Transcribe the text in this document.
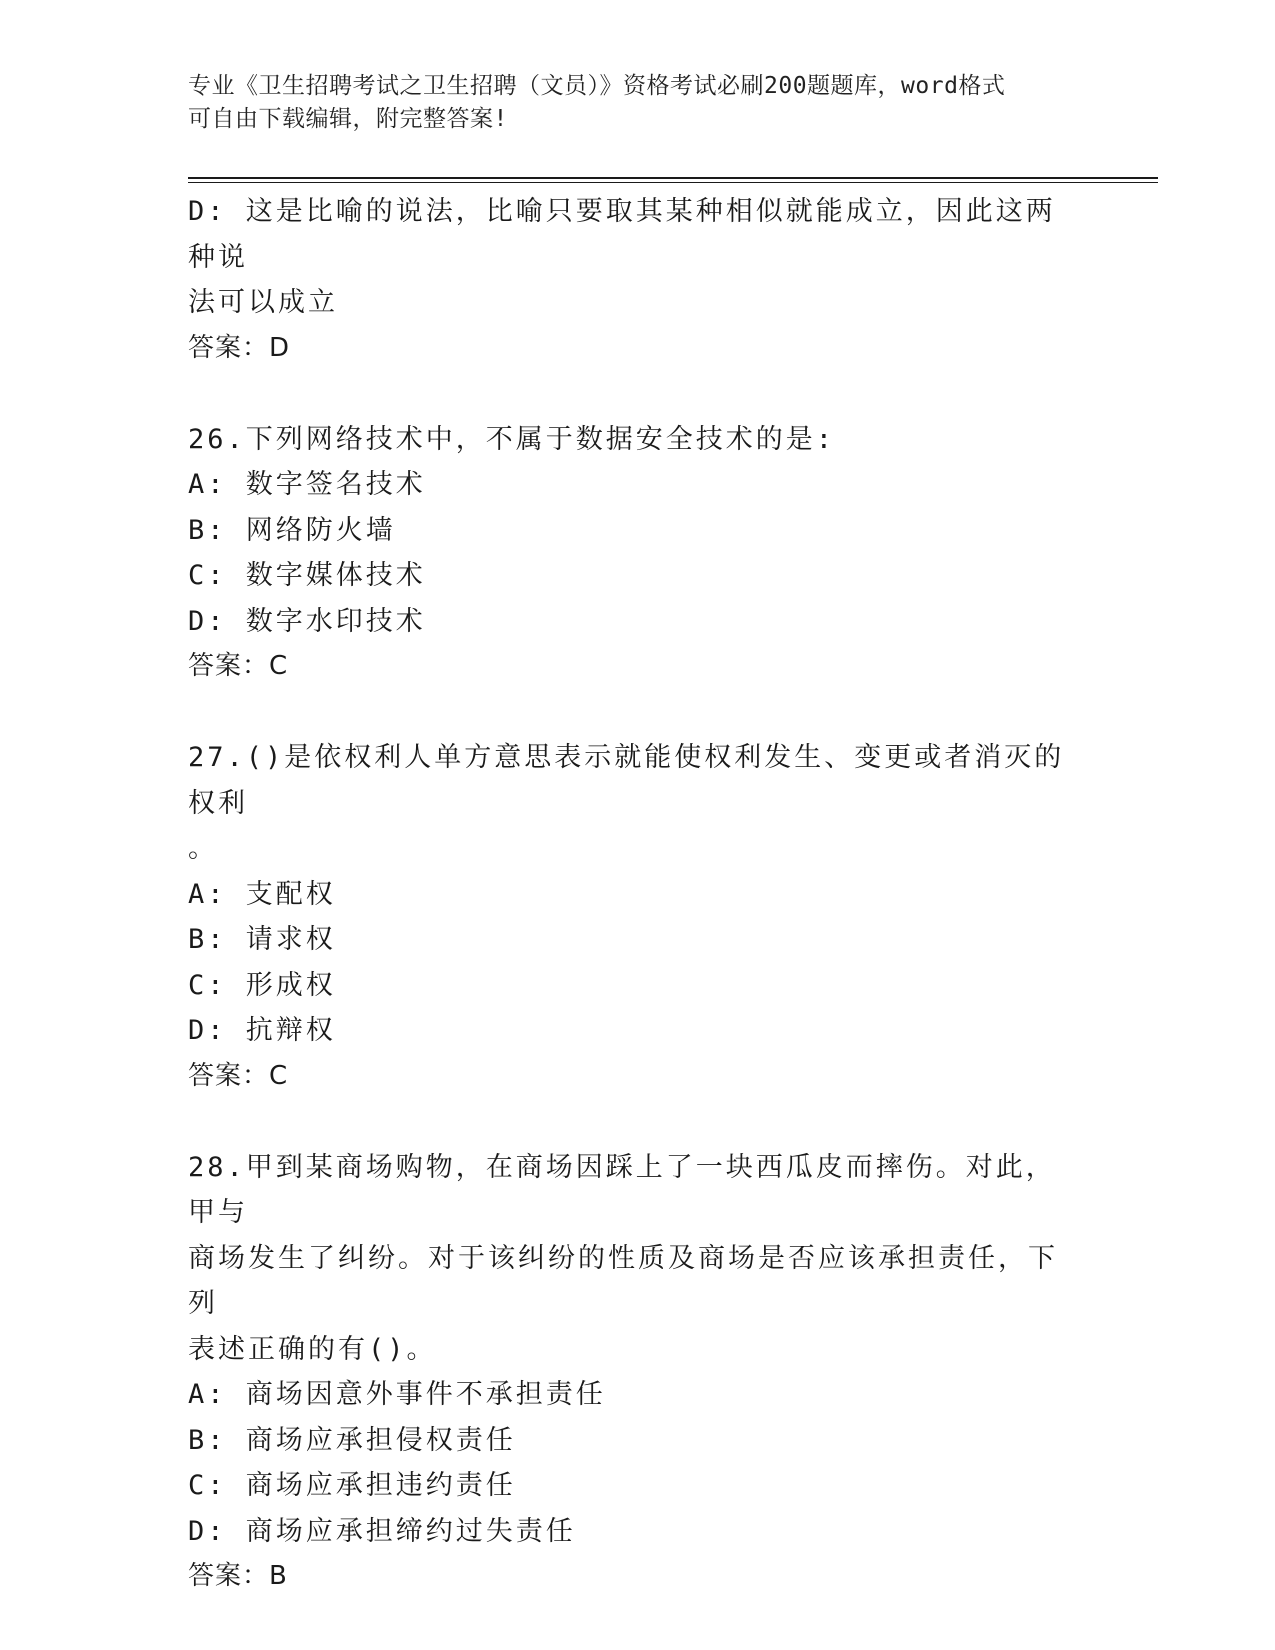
专业《卫生招聘考试之卫生招聘（文员）》资格考试必刷200题题库，word格式
可自由下载编辑，附完整答案!
D: 这是比喻的说法，比喻只要取其某种相似就能成立，因此这两种说
法可以成立
答案：D
26.下列网络技术中，不属于数据安全技术的是:
A: 数字签名技术
B: 网络防火墙
C: 数字媒体技术
D: 数字水印技术
答案：C
27.()是依权利人单方意思表示就能使权利发生、变更或者消灭的权利
。
A: 支配权
B: 请求权
C: 形成权
D: 抗辩权
答案：C
28.甲到某商场购物，在商场因踩上了一块西瓜皮而摔伤。对此，甲与
商场发生了纠纷。对于该纠纷的性质及商场是否应该承担责任，下列
表述正确的有()。
A: 商场因意外事件不承担责任
B: 商场应承担侵权责任
C: 商场应承担违约责任
D: 商场应承担缔约过失责任
答案：B
